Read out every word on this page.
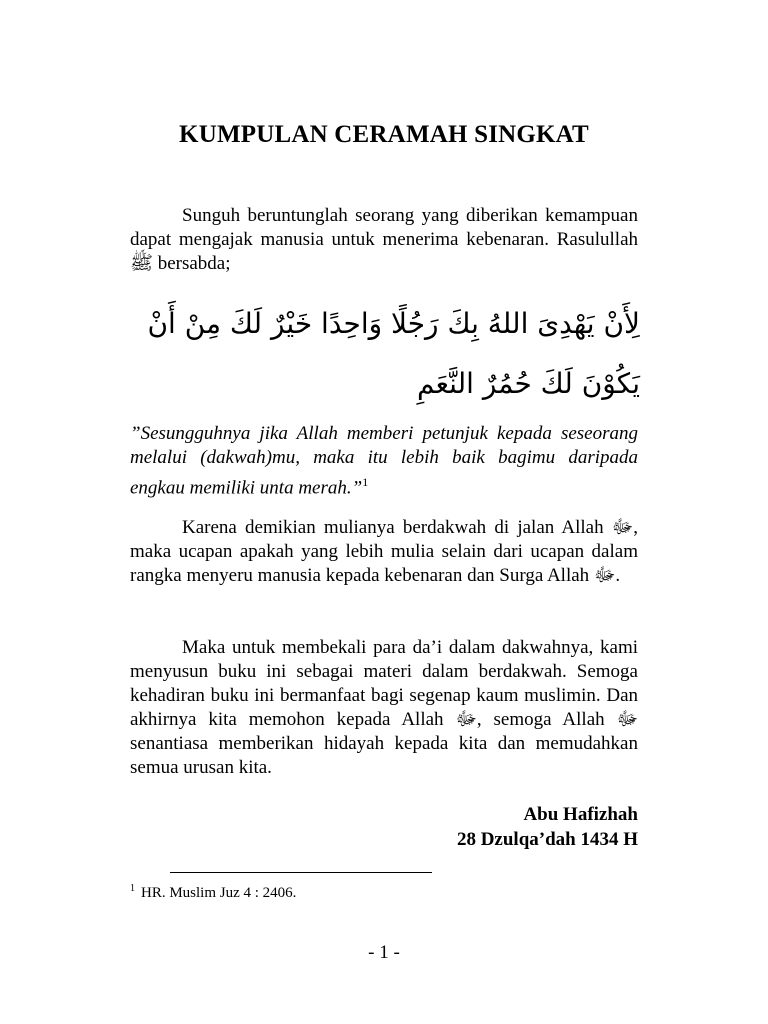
KUMPULAN CERAMAH SINGKAT
Sunguh beruntunglah seorang yang diberikan kemampuan dapat mengajak manusia untuk menerima kebenaran. Rasulullah ﷺ bersabda;
لِأَنْ يَهْدِىَ اللهُ بِكَ رَجُلًا وَاحِدًا خَيْرٌ لَكَ مِنْ أَنْ
يَكُوْنَ لَكَ حُمُرٌ النَّعَمِ
”Sesungguhnya jika Allah memberi petunjuk kepada seseorang melalui (dakwah)mu, maka itu lebih baik bagimu daripada engkau memiliki unta merah.”$^1$
Karena demikian mulianya berdakwah di jalan Allah ﷻ, maka ucapan apakah yang lebih mulia selain dari ucapan dalam rangka menyeru manusia kepada kebenaran dan Surga Allah ﷻ.
Maka untuk membekali para da’i dalam dakwahnya, kami menyusun buku ini sebagai materi dalam berdakwah. Semoga kehadiran buku ini bermanfaat bagi segenap kaum muslimin. Dan akhirnya kita memohon kepada Allah ﷻ, semoga Allah ﷻ senantiasa memberikan hidayah kepada kita dan memudahkan semua urusan kita.
Abu Hafizhah
28 Dzulqa’dah 1434 H
$^1$ HR. Muslim Juz 4 : 2406.
- 1 -
